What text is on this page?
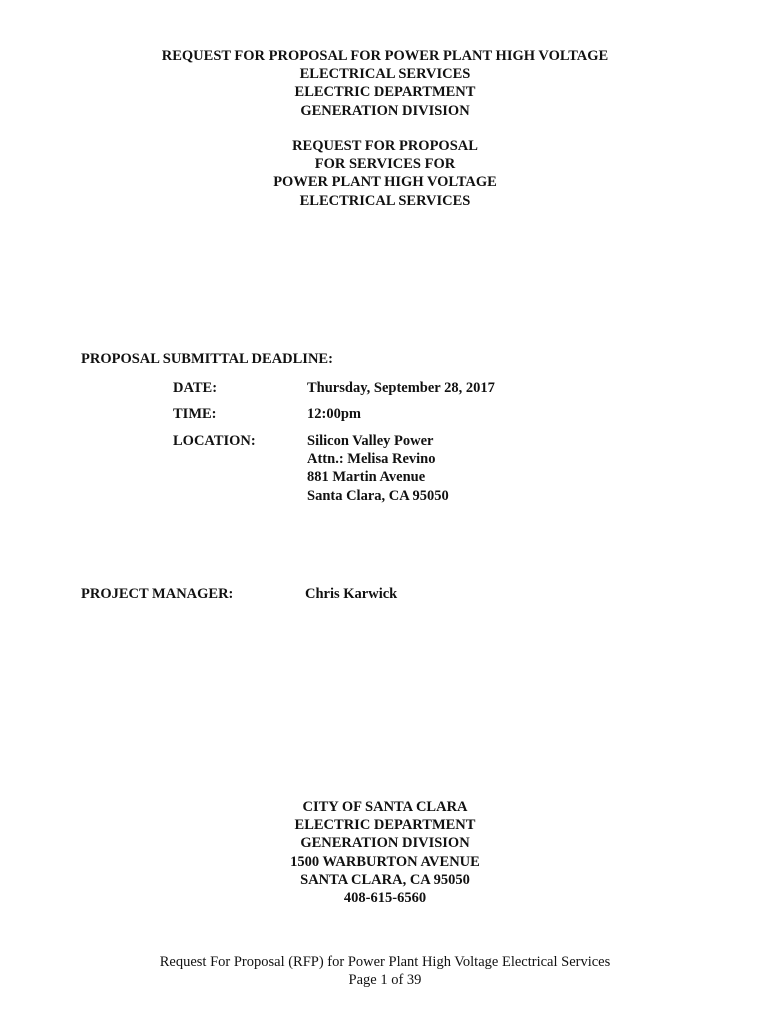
REQUEST FOR PROPOSAL FOR POWER PLANT HIGH VOLTAGE
ELECTRICAL SERVICES
ELECTRIC DEPARTMENT
GENERATION DIVISION
REQUEST FOR PROPOSAL
FOR SERVICES FOR
POWER PLANT HIGH VOLTAGE
ELECTRICAL SERVICES
PROPOSAL SUBMITTAL DEADLINE:
DATE:	Thursday, September 28, 2017
TIME:	12:00pm
LOCATION:	Silicon Valley Power
Attn.: Melisa Revino
881 Martin Avenue
Santa Clara, CA 95050
PROJECT MANAGER:	Chris Karwick
CITY OF SANTA CLARA
ELECTRIC DEPARTMENT
GENERATION DIVISION
1500 WARBURTON AVENUE
SANTA CLARA, CA 95050
408-615-6560
Request For Proposal (RFP) for Power Plant High Voltage Electrical Services
Page 1 of 39
